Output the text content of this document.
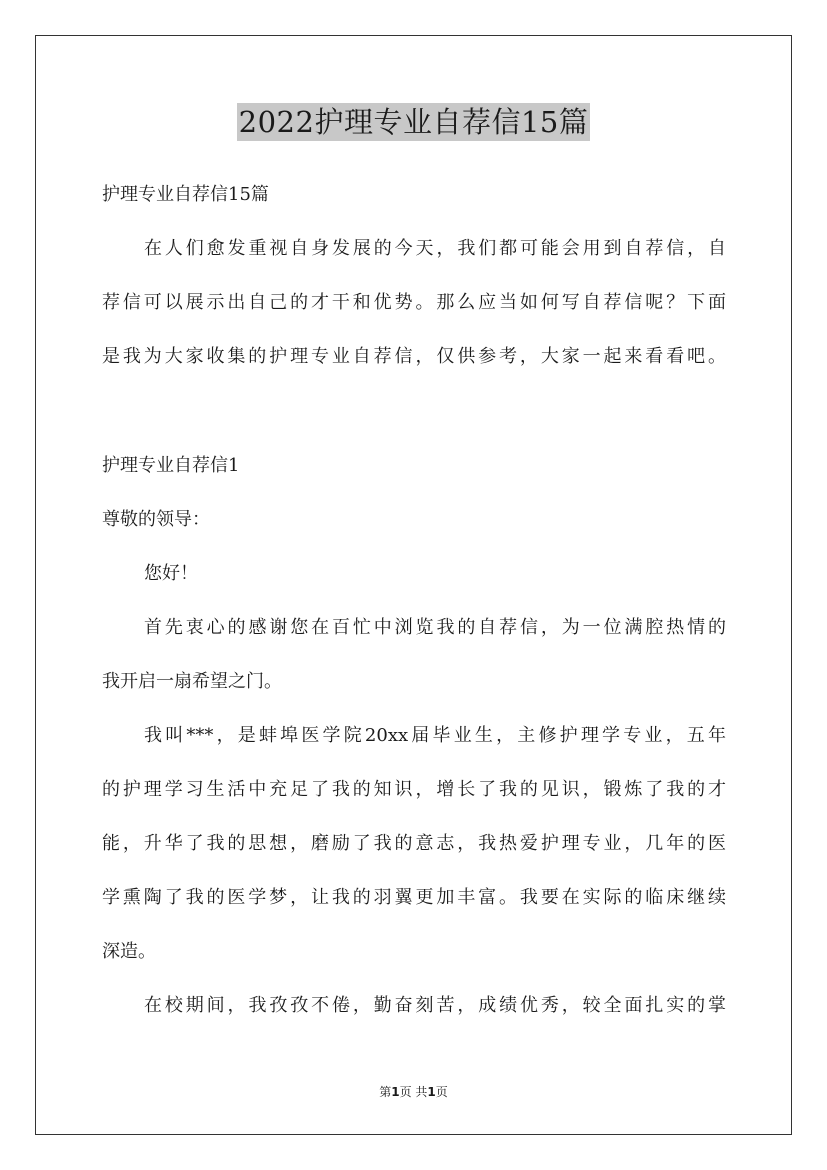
2022护理专业自荐信15篇
护理专业自荐信15篇
在人们愈发重视自身发展的今天，我们都可能会用到自荐信，自
荐信可以展示出自己的才干和优势。那么应当如何写自荐信呢？下面
是我为大家收集的护理专业自荐信，仅供参考，大家一起来看看吧。
护理专业自荐信1
尊敬的领导：
您好！
首先衷心的感谢您在百忙中浏览我的自荐信，为一位满腔热情的
我开启一扇希望之门。
我叫***，是蚌埠医学院20xx届毕业生，主修护理学专业，五年
的护理学习生活中充足了我的知识，增长了我的见识，锻炼了我的才
能，升华了我的思想，磨励了我的意志，我热爱护理专业，几年的医
学熏陶了我的医学梦，让我的羽翼更加丰富。我要在实际的临床继续
深造。
在校期间，我孜孜不倦，勤奋刻苦，成绩优秀，较全面扎实的掌
第1页 共1页
